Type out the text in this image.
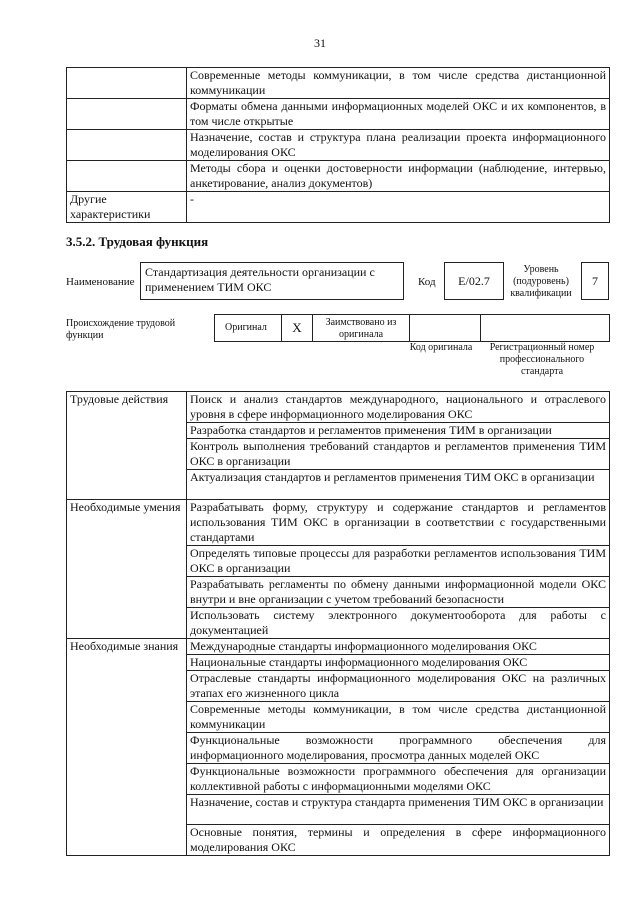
31
	Современные методы коммуникации, в том числе средства дистанционной коммуникации
	Форматы обмена данными информационных моделей ОКС и их компонентов, в том числе открытые
	Назначение, состав и структура плана реализации проекта информационного моделирования ОКС
	Методы сбора и оценки достоверности информации (наблюдение, интервью, анкетирование, анализ документов)
Другие характеристики	-
3.5.2. Трудовая функция
Наименование
Стандартизация деятельности организации с применением ТИМ ОКС	Код	E/02.7
Уровень (подуровень) квалификации
7
Происхождение трудовой функции
Оригинал	X	Заимствовано из оригинала
Код оригинала	Регистрационный номер профессионального стандарта
Трудовые действия	Поиск и анализ стандартов международного, национального и отраслевого уровня в сфере информационного моделирования ОКС
	Разработка стандартов и регламентов применения ТИМ в организации
	Контроль выполнения требований стандартов и регламентов применения ТИМ ОКС в организации
	Актуализация стандартов и регламентов применения ТИМ ОКС в организации
Необходимые умения	Разрабатывать форму, структуру и содержание стандартов и регламентов использования ТИМ ОКС в организации в соответствии с государственными стандартами
	Определять типовые процессы для разработки регламентов использования ТИМ ОКС в организации
	Разрабатывать регламенты по обмену данными информационной модели ОКС внутри и вне организации с учетом требований безопасности
	Использовать систему электронного документооборота для работы с документацией
Необходимые знания	Международные стандарты информационного моделирования ОКС
	Национальные стандарты информационного моделирования ОКС
	Отраслевые стандарты информационного моделирования ОКС на различных этапах его жизненного цикла
	Современные методы коммуникации, в том числе средства дистанционной коммуникации
	Функциональные возможности программного обеспечения для информационного моделирования, просмотра данных моделей ОКС
	Функциональные возможности программного обеспечения для организации коллективной работы с информационными моделями ОКС
	Назначение, состав и структура стандарта применения ТИМ ОКС в организации
	Основные понятия, термины и определения в сфере информационного моделирования ОКС
